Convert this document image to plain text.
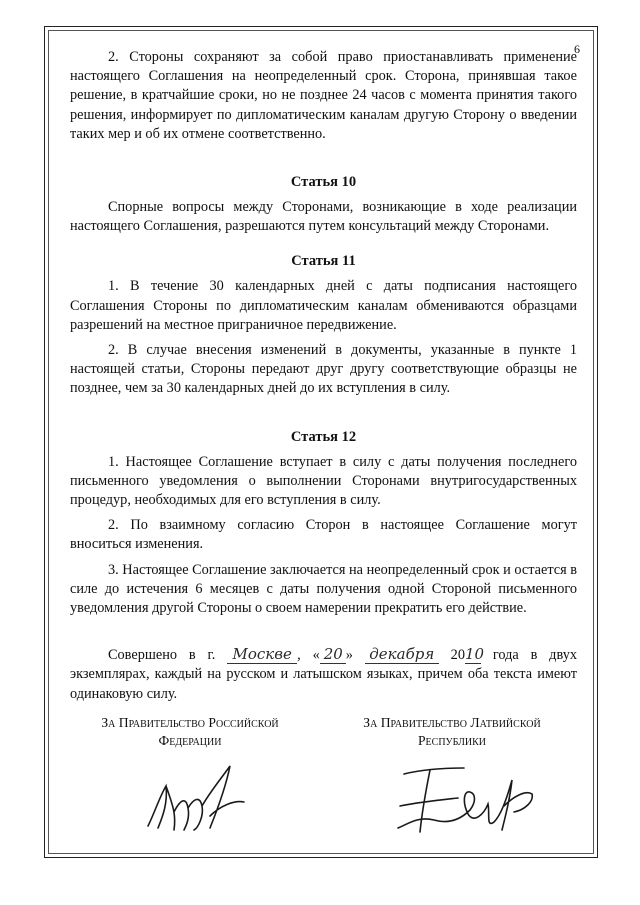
6

2. Стороны сохраняют за собой право приостанавливать применение настоящего Соглашения на неопределенный срок. Сторона, принявшая такое решение, в кратчайшие сроки, но не позднее 24 часов с момента принятия такого решения, информирует по дипломатическим каналам другую Сторону о введении таких мер и об их отмене соответственно.

Статья 10

Спорные вопросы между Сторонами, возникающие в ходе реализации настоящего Соглашения, разрешаются путем консультаций между Сторонами.

Статья 11

1. В течение 30 календарных дней с даты подписания настоящего Соглашения Стороны по дипломатическим каналам обмениваются образцами разрешений на местное приграничное передвижение.

2. В случае внесения изменений в документы, указанные в пункте 1 настоящей статьи, Стороны передают друг другу соответствующие образцы не позднее, чем за 30 календарных дней до их вступления в силу.

Статья 12

1. Настоящее Соглашение вступает в силу с даты получения последнего письменного уведомления о выполнении Сторонами внутригосударственных процедур, необходимых для его вступления в силу.

2. По взаимному согласию Сторон в настоящее Соглашение могут вноситься изменения.

3. Настоящее Соглашение заключается на неопределенный срок и остается в силе до истечения 6 месяцев с даты получения одной Стороной письменного уведомления другой Стороны о своем намерении прекратить его действие.

Совершено в г. Москве , « 20 » декабря 2010 года в двух экземплярах, каждый на русском и латышском языках, причем оба текста имеют одинаковую силу.

За Правительство Российской
Федерации
За Правительство Латвийской
Республики
